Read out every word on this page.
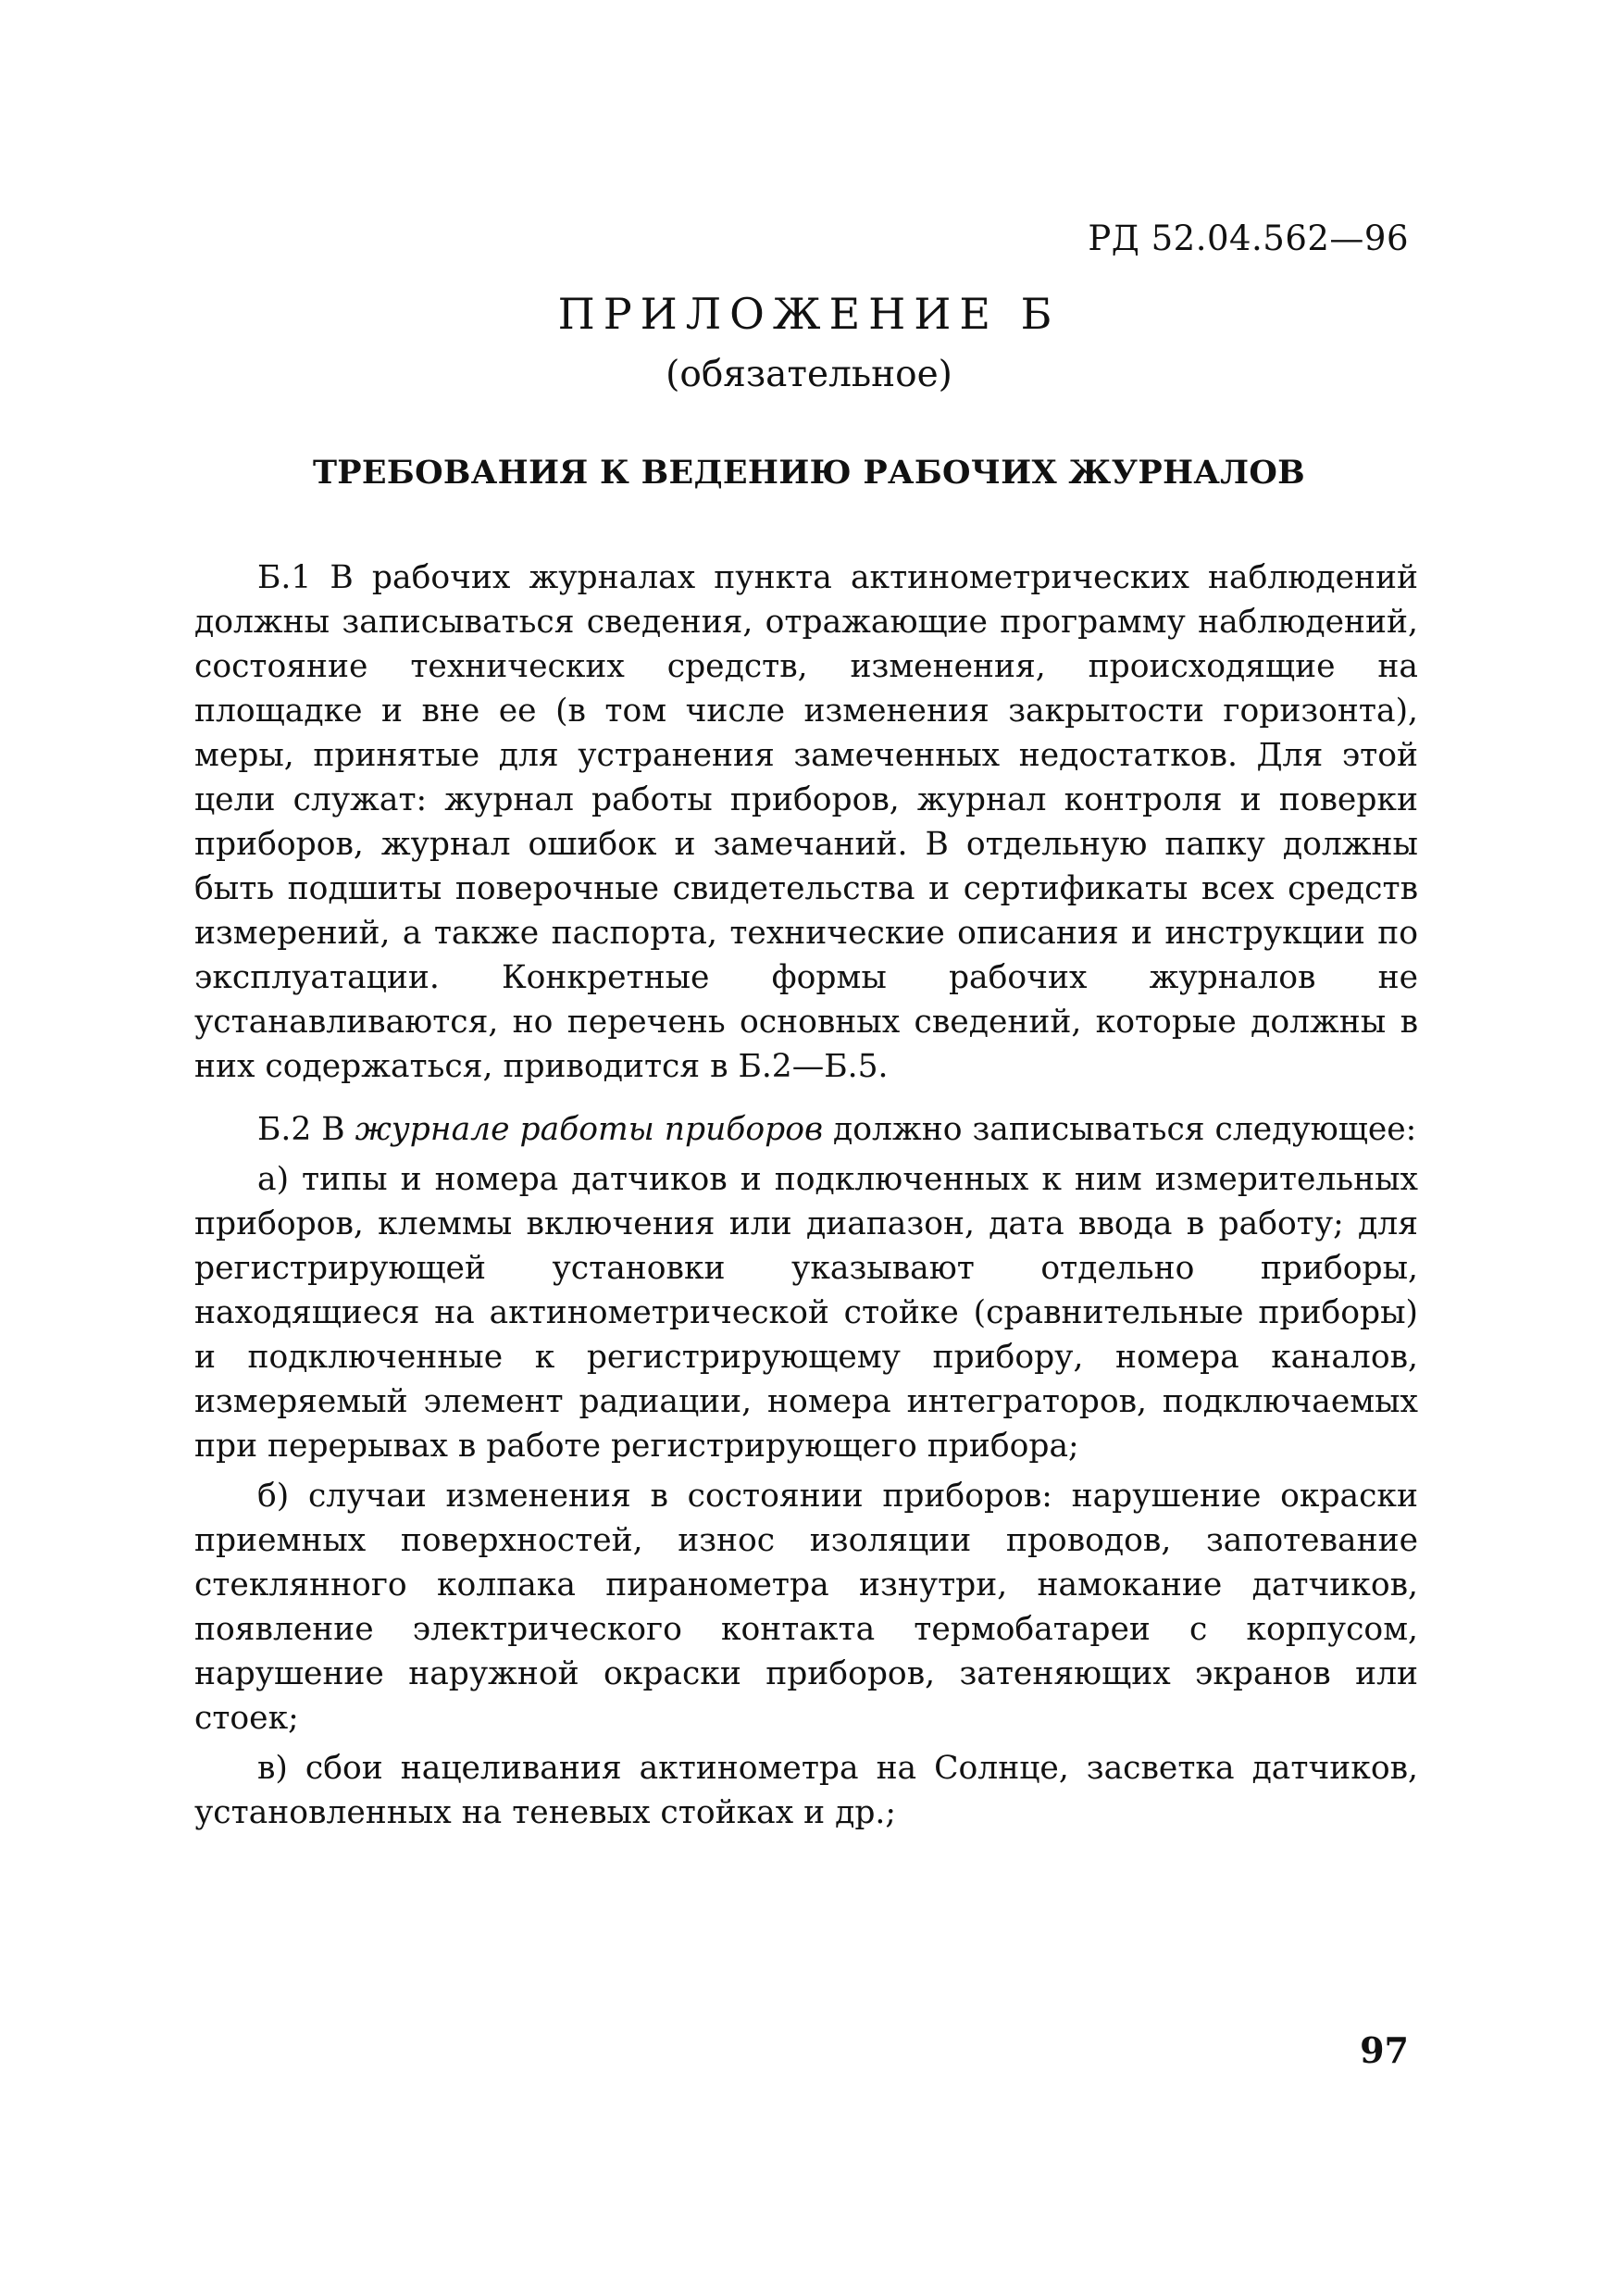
РД 52.04.562—96
ПРИЛОЖЕНИЕ Б
(обязательное)
ТРЕБОВАНИЯ К ВЕДЕНИЮ РАБОЧИХ ЖУРНАЛОВ

Б.1 В рабочих журналах пункта актинометрических наблюдений должны записываться сведения, отражающие программу наблюдений, состояние технических средств, изменения, происходящие на площадке и вне ее (в том числе изменения закрытости горизонта), меры, принятые для устранения замеченных недостатков. Для этой цели служат: журнал работы приборов, журнал контроля и поверки приборов, журнал ошибок и замечаний. В отдельную папку должны быть подшиты поверочные свидетельства и сертификаты всех средств измерений, а также паспорта, технические описания и инструкции по эксплуатации. Конкретные формы рабочих журналов не устанавливаются, но перечень основных сведений, которые должны в них содержаться, приводится в Б.2—Б.5.

Б.2 В журнале работы приборов должно записываться следующее:

а) типы и номера датчиков и подключенных к ним измерительных приборов, клеммы включения или диапазон, дата ввода в работу; для регистрирующей установки указывают отдельно приборы, находящиеся на актинометрической стойке (сравнительные приборы) и подключенные к регистрирующему прибору, номера каналов, измеряемый элемент радиации, номера интеграторов, подключаемых при перерывах в работе регистрирующего прибора;

б) случаи изменения в состоянии приборов: нарушение окраски приемных поверхностей, износ изоляции проводов, запотевание стеклянного колпака пиранометра изнутри, намокание датчиков, появление электрического контакта термобатареи с корпусом, нарушение наружной окраски приборов, затеняющих экранов или стоек;

в) сбои нацеливания актинометра на Солнце, засветка датчиков, установленных на теневых стойках и др.;

97
